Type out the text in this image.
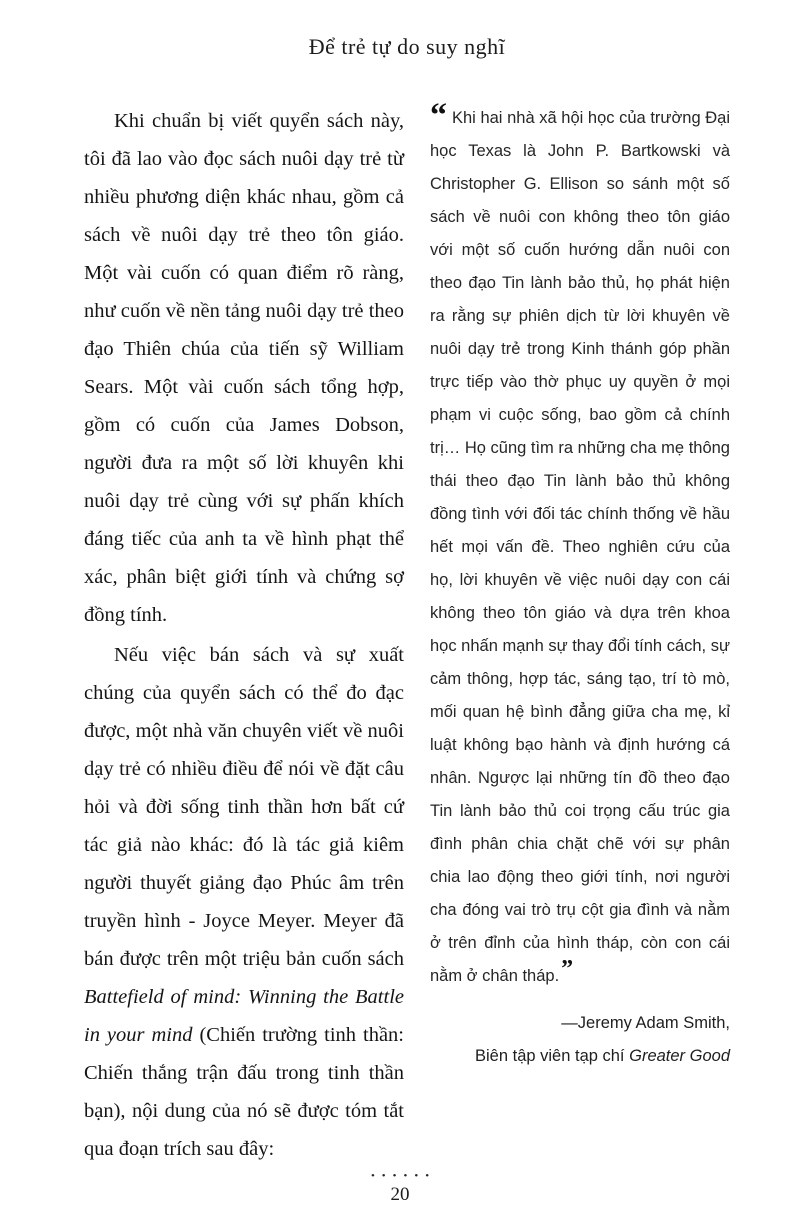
Để trẻ tự do suy nghĩ

Khi chuẩn bị viết quyển sách này, tôi đã lao vào đọc sách nuôi dạy trẻ từ nhiều phương diện khác nhau, gồm cả sách về nuôi dạy trẻ theo tôn giáo. Một vài cuốn có quan điểm rõ ràng, như cuốn về nền tảng nuôi dạy trẻ theo đạo Thiên chúa của tiến sỹ William Sears. Một vài cuốn sách tổng hợp, gồm có cuốn của James Dobson, người đưa ra một số lời khuyên khi nuôi dạy trẻ cùng với sự phấn khích đáng tiếc của anh ta về hình phạt thể xác, phân biệt giới tính và chứng sợ đồng tính.

Nếu việc bán sách và sự xuất chúng của quyển sách có thể đo đạc được, một nhà văn chuyên viết về nuôi dạy trẻ có nhiều điều để nói về đặt câu hỏi và đời sống tinh thần hơn bất cứ tác giả nào khác: đó là tác giả kiêm người thuyết giảng đạo Phúc âm trên truyền hình - Joyce Meyer. Meyer đã bán được trên một triệu bản cuốn sách Battefield of mind: Winning the Battle in your mind (Chiến trường tinh thần: Chiến thắng trận đấu trong tinh thần bạn), nội dung của nó sẽ được tóm tắt qua đoạn trích sau đây:

“ Khi hai nhà xã hội học của trường Đại học Texas là John P. Bartkowski và Christopher G. Ellison so sánh một số sách về nuôi con không theo tôn giáo với một số cuốn hướng dẫn nuôi con theo đạo Tin lành bảo thủ, họ phát hiện ra rằng sự phiên dịch từ lời khuyên về nuôi dạy trẻ trong Kinh thánh góp phần trực tiếp vào thờ phục uy quyền ở mọi phạm vi cuộc sống, bao gồm cả chính trị… Họ cũng tìm ra những cha mẹ thông thái theo đạo Tin lành bảo thủ không đồng tình với đối tác chính thống về hầu hết mọi vấn đề. Theo nghiên cứu của họ, lời khuyên về việc nuôi dạy con cái không theo tôn giáo và dựa trên khoa học nhấn mạnh sự thay đổi tính cách, sự cảm thông, hợp tác, sáng tạo, trí tò mò, mối quan hệ bình đẳng giữa cha mẹ, kỉ luật không bạo hành và định hướng cá nhân. Ngược lại những tín đồ theo đạo Tin lành bảo thủ coi trọng cấu trúc gia đình phân chia chặt chẽ với sự phân chia lao động theo giới tính, nơi người cha đóng vai trò trụ cột gia đình và nằm ở trên đỉnh của hình tháp, còn con cái nằm ở chân tháp.”

—Jeremy Adam Smith,
Biên tập viên tạp chí Greater Good

••••••
20
